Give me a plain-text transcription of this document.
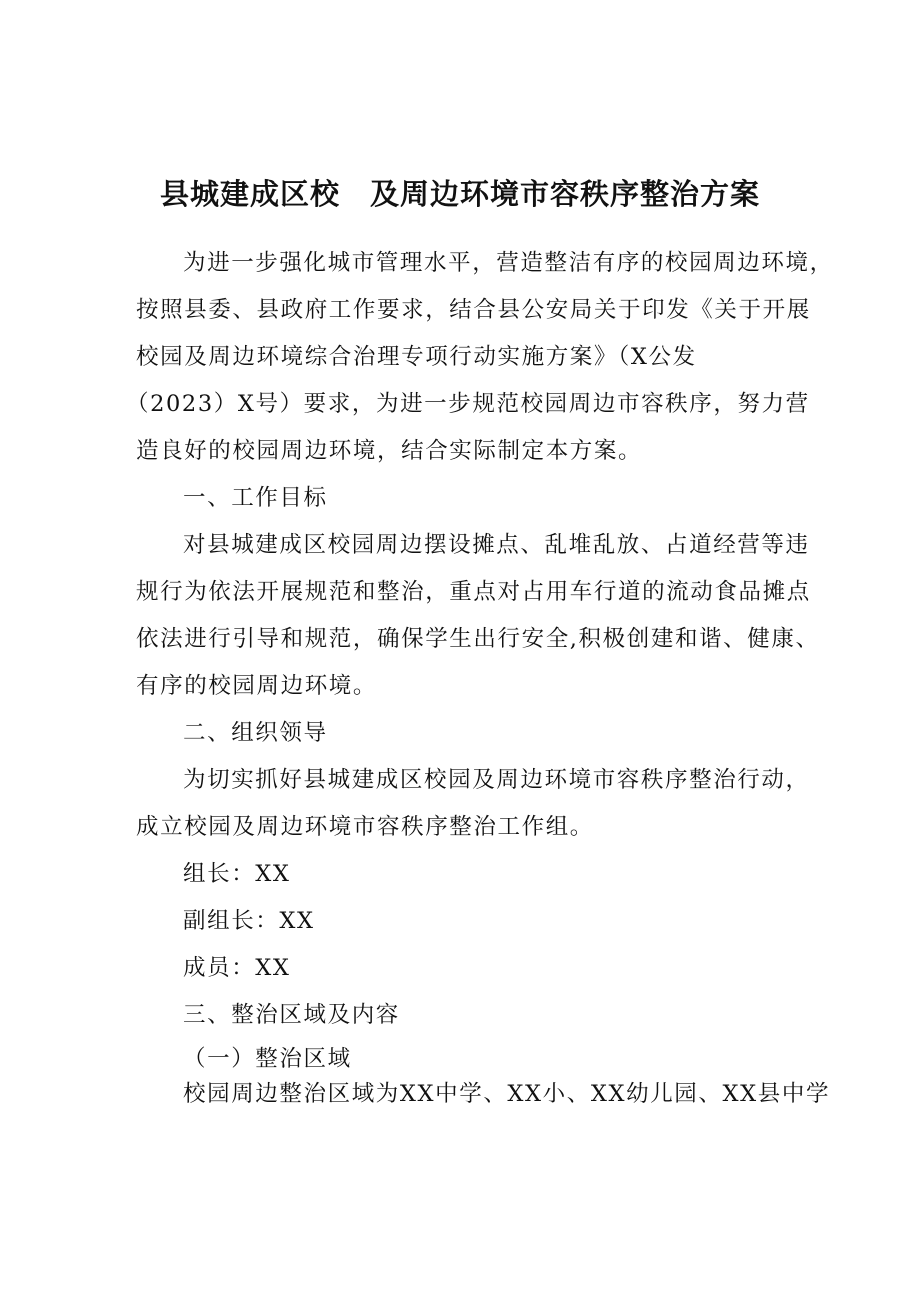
县城建成区校　及周边环境市容秩序整治方案
为进一步强化城市管理水平，营造整洁有序的校园周边环境，
按照县委、县政府工作要求，结合县公安局关于印发《关于开展
校园及周边环境综合治理专项行动实施方案》（X公发
（2023）X号）要求，为进一步规范校园周边市容秩序，努力营
造良好的校园周边环境，结合实际制定本方案。
一、工作目标
对县城建成区校园周边摆设摊点、乱堆乱放、占道经营等违
规行为依法开展规范和整治，重点对占用车行道的流动食品摊点
依法进行引导和规范，确保学生出行安全,积极创建和谐、健康、
有序的校园周边环境。
二、组织领导
为切实抓好县城建成区校园及周边环境市容秩序整治行动，
成立校园及周边环境市容秩序整治工作组。
组长：XX
副组长：XX
成员：XX
三、整治区域及内容
（一）整治区域
校园周边整治区域为XX中学、XX小、XX幼儿园、XX县中学
